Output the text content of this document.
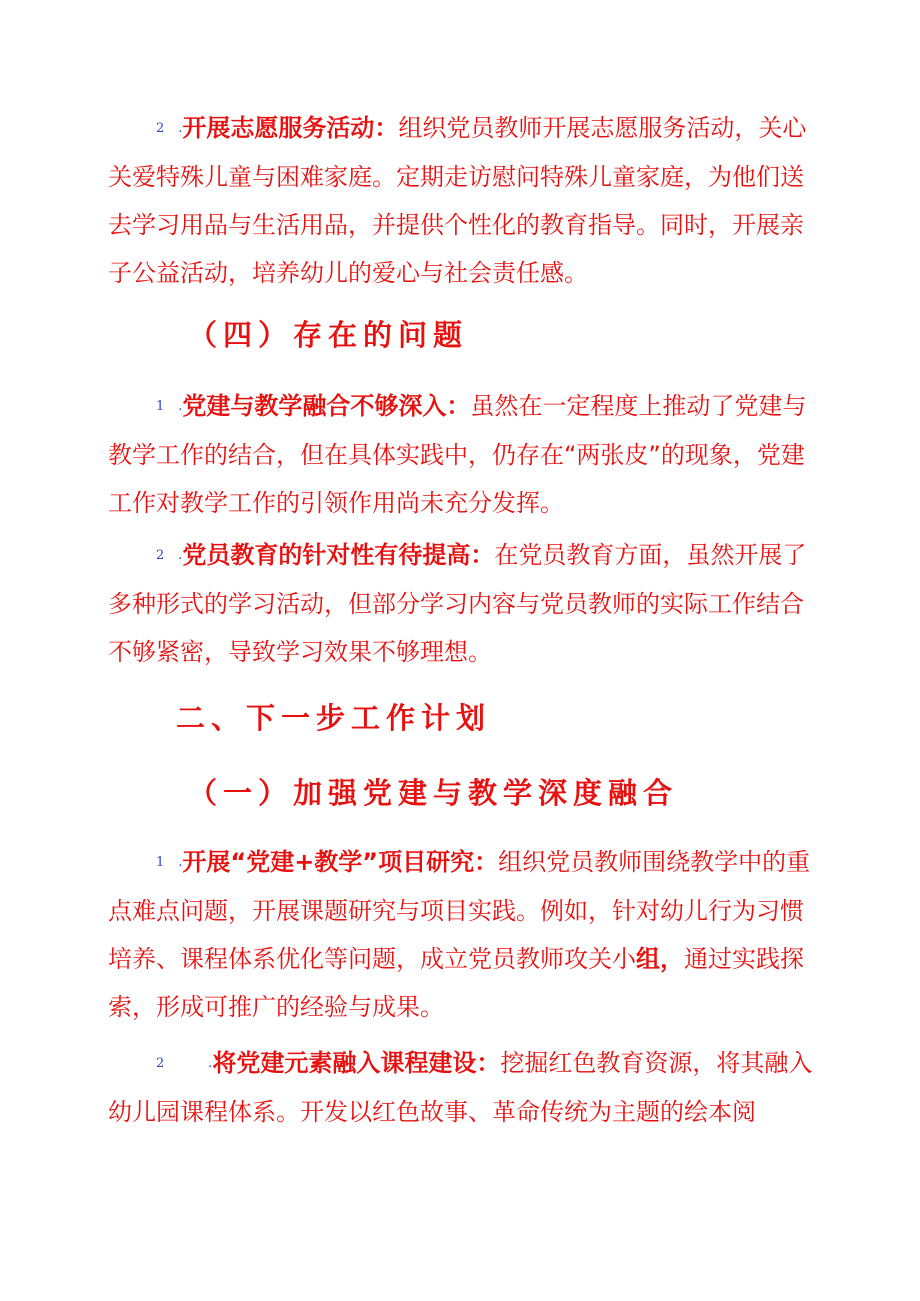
2 .开展志愿服务活动：组织党员教师开展志愿服务活动，关心关爱特殊儿童与困难家庭。定期走访慰问特殊儿童家庭，为他们送去学习用品与生活用品，并提供个性化的教育指导。同时，开展亲子公益活动，培养幼儿的爱心与社会责任感。

（四）存在的问题

1 .党建与教学融合不够深入：虽然在一定程度上推动了党建与教学工作的结合，但在具体实践中，仍存在“两张皮”的现象，党建工作对教学工作的引领作用尚未充分发挥。

2 .党员教育的针对性有待提高：在党员教育方面，虽然开展了多种形式的学习活动，但部分学习内容与党员教师的实际工作结合不够紧密，导致学习效果不够理想。

二、下一步工作计划
（一）加强党建与教学深度融合

1 .开展“党建+教学”项目研究：组织党员教师围绕教学中的重点难点问题，开展课题研究与项目实践。例如，针对幼儿行为习惯培养、课程体系优化等问题，成立党员教师攻关小组，通过实践探索，形成可推广的经验与成果。

2	.将党建元素融入课程建设：挖掘红色教育资源，将其融入幼儿园课程体系。开发以红色故事、革命传统为主题的绘本阅
